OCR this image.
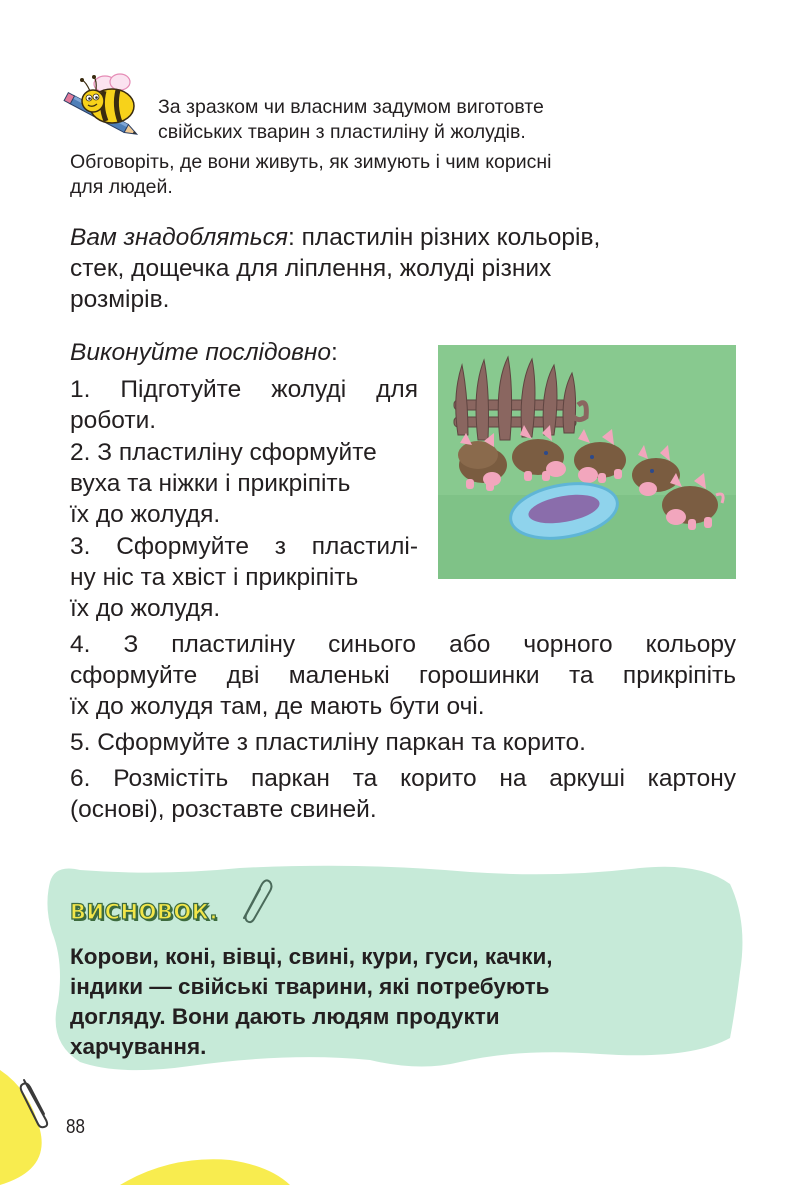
За зразком чи власним задумом виготовте
свійських тварин з пластиліну й жолудів.
Обговоріть, де вони живуть, як зимують і чим корисні
для людей.
Вам знадобляться: пластилін різних кольорів,
стек, дощечка для ліплення, жолуді різних
розмірів.
Виконуйте послідовно:
1. Підготуйте жолуді для
роботи.
2. З пластиліну сформуйте
вуха та ніжки і прикріпіть
їх до жолудя.
3. Сформуйте з пластилі-
ну ніс та хвіст і прикріпіть
їх до жолудя.
4. З пластиліну синього або чорного кольору
сформуйте дві маленькі горошинки та прикріпіть
їх до жолудя там, де мають бути очі.
5. Сформуйте з пластиліну паркан та корито.
6. Розмістіть паркан та корито на аркуші картону
(основі), розставте свиней.
ВИСНОВОК.
Корови, коні, вівці, свині, кури, гуси, качки,
індики — свійські тварини, які потребують
догляду. Вони дають людям продукти
харчування.
88
